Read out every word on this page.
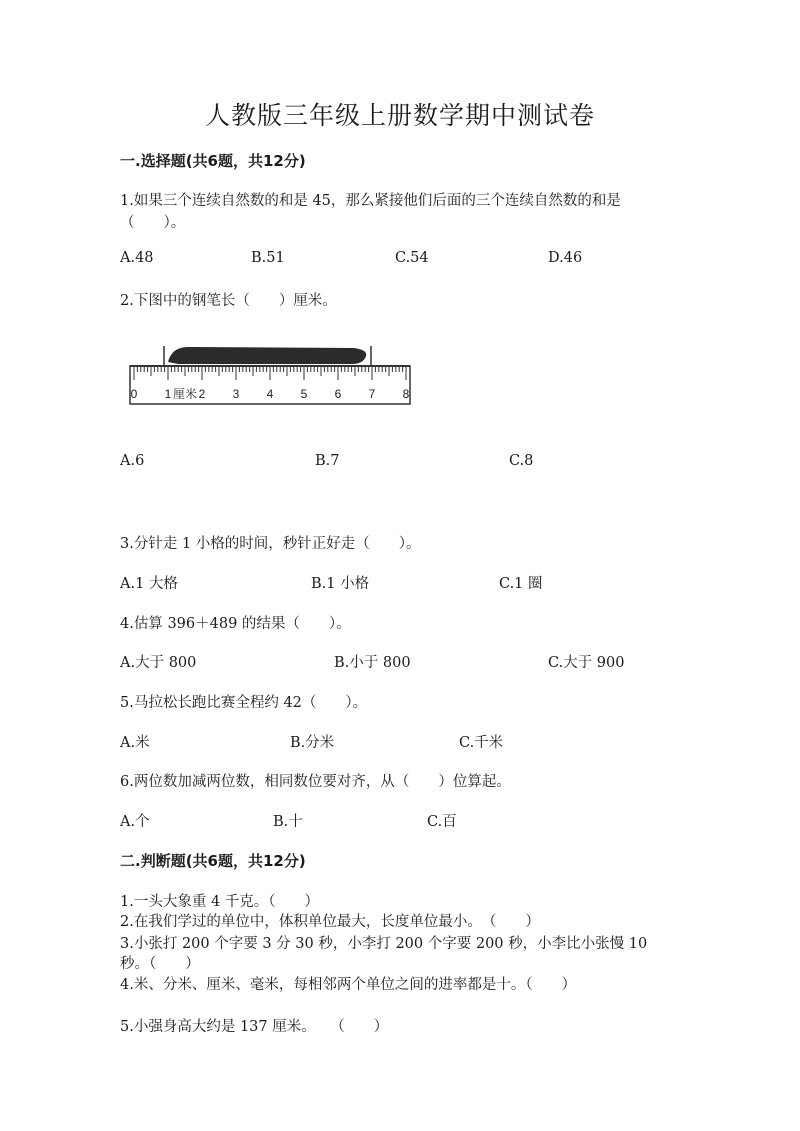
人教版三年级上册数学期中测试卷
一.选择题(共6题，共12分)
1.如果三个连续自然数的和是 45，那么紧接他们后面的三个连续自然数的和是
（　　）。
A.48	B.51	C.54	D.46
2.下图中的钢笔长（　　）厘米。
0 1 2 3 4 5 6 7 8
厘米
A.6	B.7	C.8
3.分针走 1 小格的时间，秒针正好走（　　）。
A.1 大格	B.1 小格	C.1 圈
4.估算 396＋489 的结果（　　）。
A.大于 800	B.小于 800	C.大于 900
5.马拉松长跑比赛全程约 42（　　）。
A.米	B.分米	C.千米
6.两位数加减两位数，相同数位要对齐，从（　　）位算起。
A.个	B.十	C.百
二.判断题(共6题，共12分)
1.一头大象重 4 千克。（　　）
2.在我们学过的单位中，体积单位最大，长度单位最小。　（　　）
3.小张打 200 个字要 3 分 30 秒，小李打 200 个字要 200 秒，小李比小张慢 10
秒。（　　）
4.米、分米、厘米、毫米，每相邻两个单位之间的进率都是十。（　　）
5.小强身高大约是 137 厘米。　　（　　）
